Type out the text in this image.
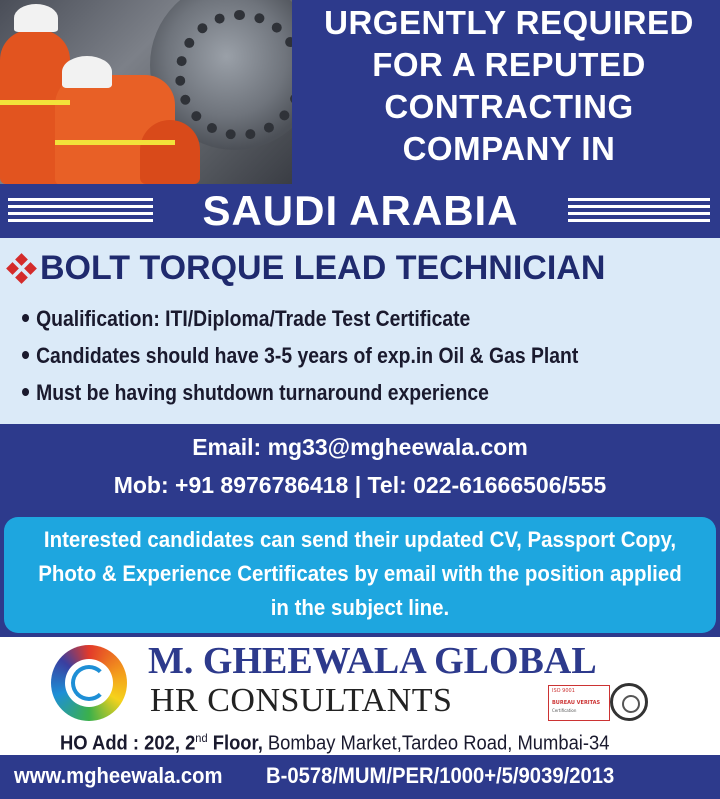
URGENTLY REQUIRED
FOR A REPUTED
CONTRACTING
COMPANY IN
SAUDI ARABIA
BOLT TORQUE LEAD TECHNICIAN
Qualification: ITI/Diploma/Trade Test Certificate
Candidates should have 3-5 years of exp.in Oil & Gas Plant
Must be having shutdown turnaround experience
Email: mg33@mgheewala.com
Mob: +91 8976786418 | Tel: 022-61666506/555
Interested candidates can send their updated CV, Passport Copy, Photo & Experience Certificates by email with the position applied in the subject line.
M. GHEEWALA GLOBAL
HR CONSULTANTS	ISO 9001
BUREAU VERITAS
Certification
HO Add : 202, 2nd Floor, Bombay Market,Tardeo Road, Mumbai-34
www.mgheewala.com B-0578/MUM/PER/1000+/5/9039/2013
